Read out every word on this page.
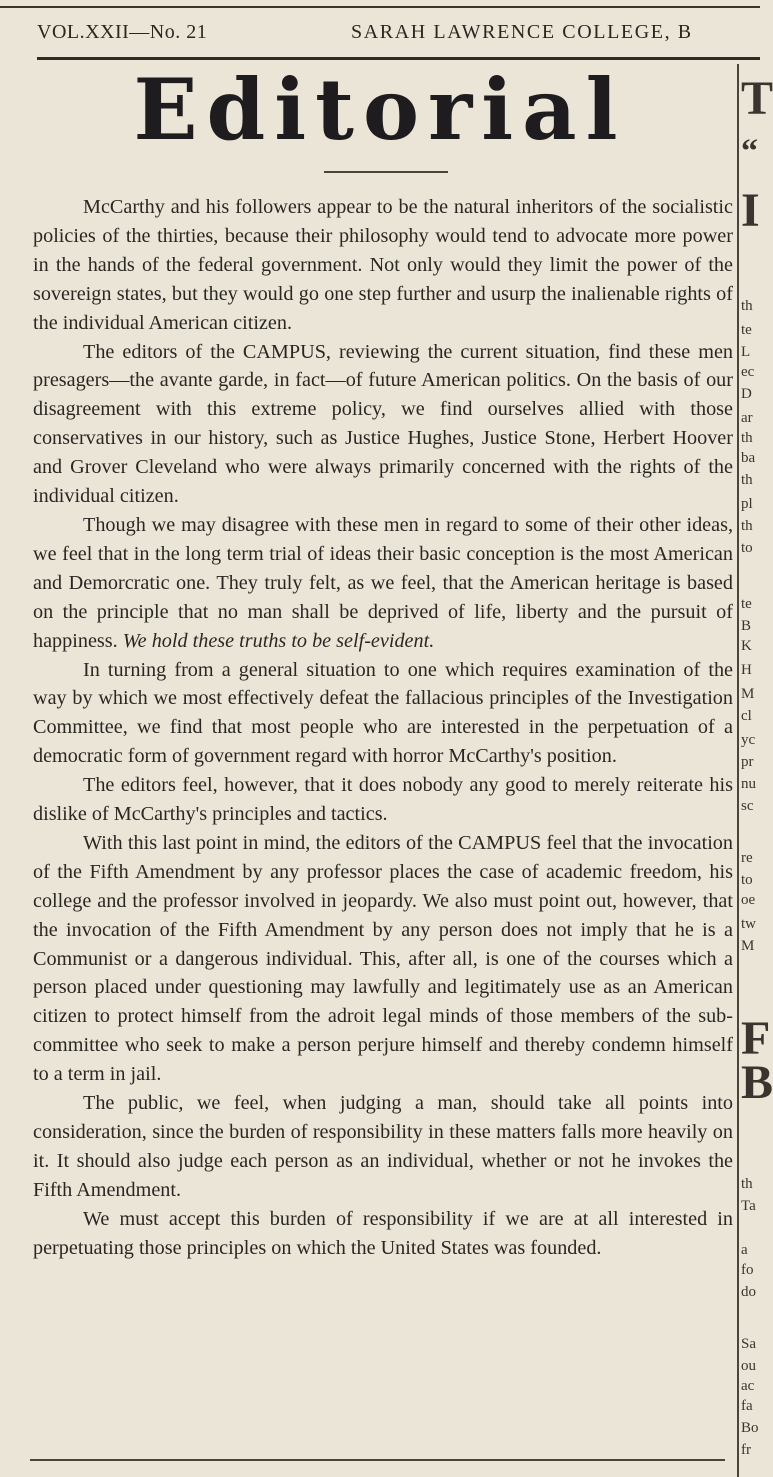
VOL.XXII—No. 21	SARAH LAWRENCE COLLEGE, B
Editorial

McCarthy and his followers appear to be the natural inheritors of the socialistic policies of the thirties, because their philosophy would tend to advocate more power in the hands of the federal government. Not only would they limit the power of the sovereign states, but they would go one step further and usurp the inalienable rights of the individual American citizen.

The editors of the CAMPUS, reviewing the current situation, find these men presagers—the avante garde, in fact—of future American politics. On the basis of our disagreement with this extreme policy, we find ourselves allied with those conservatives in our history, such as Justice Hughes, Justice Stone, Herbert Hoover and Grover Cleveland who were always primarily concerned with the rights of the individual citizen.

Though we may disagree with these men in regard to some of their other ideas, we feel that in the long term trial of ideas their basic conception is the most American and Demorcratic one. They truly felt, as we feel, that the American heritage is based on the principle that no man shall be deprived of life, liberty and the pursuit of happiness. We hold these truths to be self-evident.

In turning from a general situation to one which requires examination of the way by which we most effectively defeat the fallacious principles of the Investigation Committee, we find that most people who are interested in the perpetuation of a democratic form of government regard with horror McCarthy's position.

The editors feel, however, that it does nobody any good to merely reiterate his dislike of McCarthy's principles and tactics.

With this last point in mind, the editors of the CAMPUS feel that the invocation of the Fifth Amendment by any professor places the case of academic freedom, his college and the professor involved in jeopardy. We also must point out, however, that the invocation of the Fifth Amendment by any person does not imply that he is a Communist or a dangerous individual. This, after all, is one of the courses which a person placed under questioning may lawfully and legitimately use as an American citizen to protect himself from the adroit legal minds of those members of the sub-committee who seek to make a person perjure himself and thereby condemn himself to a term in jail.

The public, we feel, when judging a man, should take all points into consideration, since the burden of responsibility in these matters falls more heavily on it. It should also judge each person as an individual, whether or not he invokes the Fifth Amendment.

We must accept this burden of responsibility if we are at all interested in perpetuating those principles on which the United States was founded.

T
“
I
th
te
L
ec
D
ar
th
ba
th
pl
th
to
te
B
K
H
M
cl
yc
pr
nu
sc
re
to
oe
tw
M
F
B
th
Ta
a
fo
do
Sa
ou
ac
fa
Bo
fr
